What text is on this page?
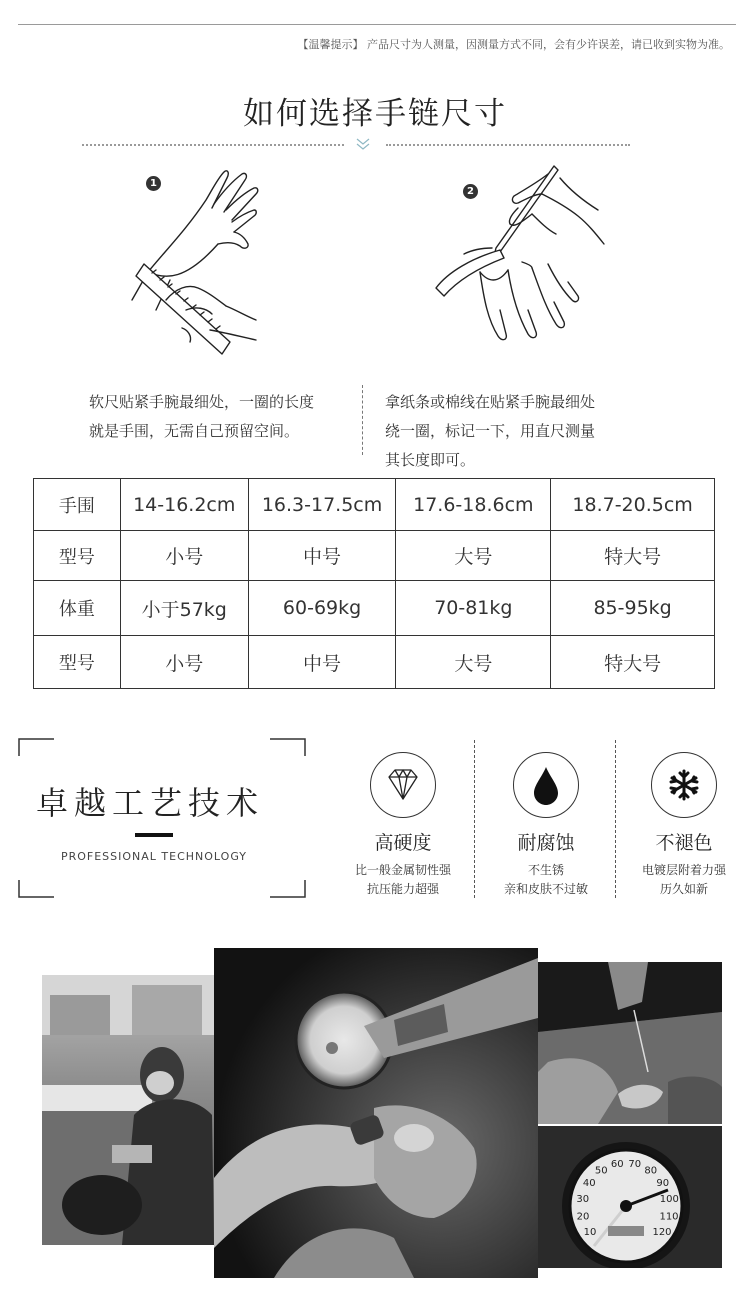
【温馨提示】 产品尺寸为人测量，因测量方式不同，会有少许误差，请已收到实物为准。
如何选择手链尺寸
1
2
软尺贴紧手腕最细处，一圈的长度
就是手围，无需自己预留空间。
拿纸条或棉线在贴紧手腕最细处
绕一圈，标记一下，用直尺测量
其长度即可。
手围	14-16.2cm	16.3-17.5cm	17.6-18.6cm	18.7-20.5cm
型号	小号	中号	大号	特大号
体重	小于57kg	60-69kg	70-81kg	85-95kg
型号	小号	中号	大号	特大号
卓越工艺技术
PROFESSIONAL TECHNOLOGY
高硬度
比一般金属韧性强
抗压能力超强
耐腐蚀
不生锈
亲和皮肤不过敏
不褪色
电镀层附着力强
历久如新
10
20
30
40
50
60 70
80
90
100
110
120
